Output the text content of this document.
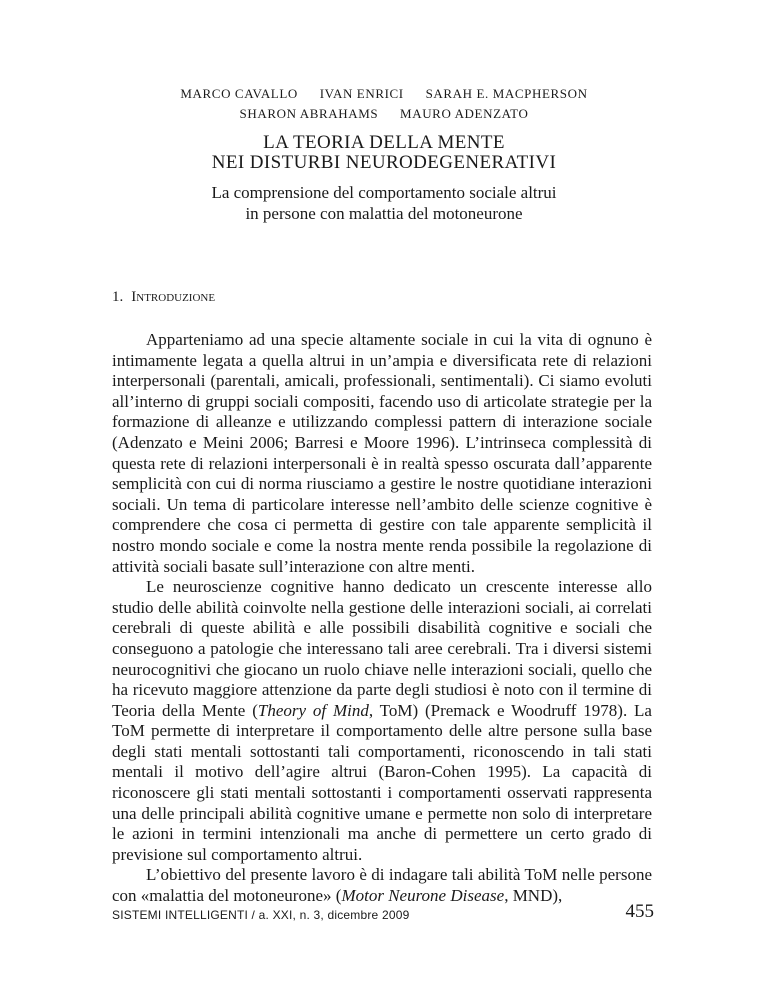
MARCO CAVALLO IVAN ENRICI SARAH E. MACPHERSON
SHARON ABRAHAMS MAURO ADENZATO
LA TEORIA DELLA MENTE
NEI DISTURBI NEURODEGENERATIVI
La comprensione del comportamento sociale altrui
in persone con malattia del motoneurone
1. Introduzione

Apparteniamo ad una specie altamente sociale in cui la vita di ognuno è intimamente legata a quella altrui in un’ampia e diversificata rete di relazioni interpersonali (parentali, amicali, professionali, sentimentali). Ci siamo evoluti all’interno di gruppi sociali compositi, facendo uso di articolate strategie per la formazione di alleanze e utilizzando complessi pattern di interazione sociale (Adenzato e Meini 2006; Barresi e Moore 1996). L’intrinseca complessità di questa rete di relazioni interpersonali è in realtà spesso oscurata dall’apparente semplicità con cui di norma riusciamo a gestire le nostre quotidiane interazioni sociali. Un tema di particolare interesse nell’ambito delle scienze cognitive è comprendere che cosa ci permetta di gestire con tale apparente semplicità il nostro mondo sociale e come la nostra mente renda possibile la regolazione di attività sociali basate sull’interazione con altre menti.

Le neuroscienze cognitive hanno dedicato un crescente interesse allo studio delle abilità coinvolte nella gestione delle interazioni sociali, ai correlati cerebrali di queste abilità e alle possibili disabilità cognitive e sociali che conseguono a patologie che interessano tali aree cerebrali. Tra i diversi sistemi neurocognitivi che giocano un ruolo chiave nelle interazioni sociali, quello che ha ricevuto maggiore attenzione da parte degli studiosi è noto con il termine di Teoria della Mente (Theory of Mind, ToM) (Premack e Woodruff 1978). La ToM permette di interpretare il comportamento delle altre persone sulla base degli stati mentali sottostanti tali comportamenti, riconoscendo in tali stati mentali il motivo dell’agire altrui (Baron-Cohen 1995). La capacità di riconoscere gli stati mentali sottostanti i comportamenti osservati rappresenta una delle principali abilità cognitive umane e permette non solo di interpretare le azioni in termini intenzionali ma anche di permettere un certo grado di previsione sul comportamento altrui.

L’obiettivo del presente lavoro è di indagare tali abilità ToM nelle persone con «malattia del motoneurone» (Motor Neurone Disease, MND),

SISTEMI INTELLIGENTI / a. XXI, n. 3, dicembre 2009	455
